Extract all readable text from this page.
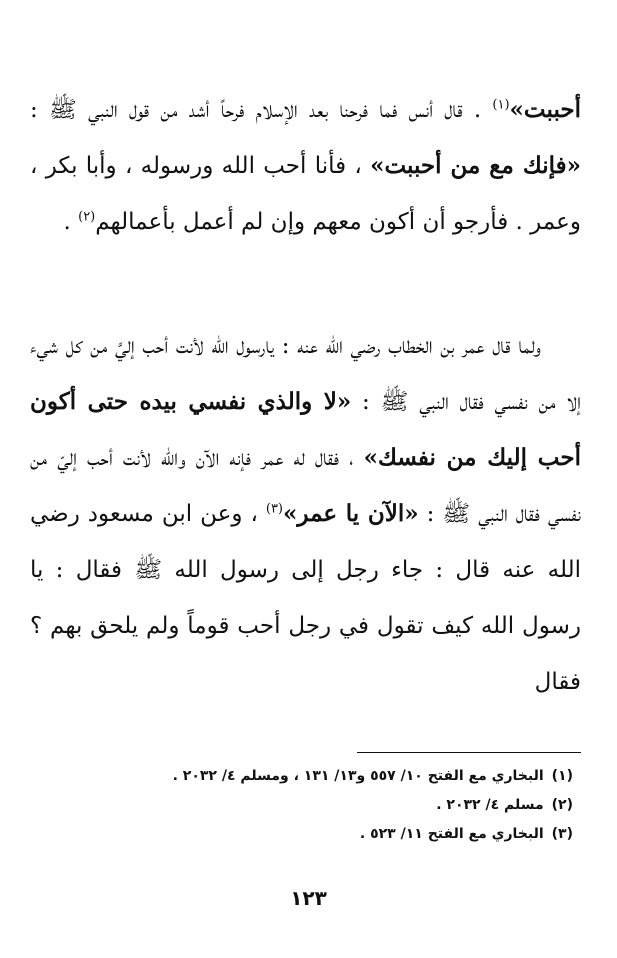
أحببت»$^{(١)}$ . قال أنس فما فرحنا بعد الإسلام فرحاً أشد من قول النبي ﷺ : «فإنك مع من أحببت» ، فأنا أحب الله ورسوله ، وأبا بكر ، وعمر . فأرجو أن أكون معهم وإن لم أعمل بأعمالهم$^{(٢)}$ .

ولما قال عمر بن الخطاب رضي الله عنه : يارسول الله لأنت أحب إليَّ من كل شيء إلا من نفسي فقال النبي ﷺ : «لا والذي نفسي بيده حتى أكون أحب إليك من نفسك» ، فقال له عمر فإنه الآن والله لأنت أحب إليّ من نفسي فقال النبي ﷺ : «الآن يا عمر»$^{(٣)}$ ، وعن ابن مسعود رضي الله عنه قال : جاء رجل إلى رسول الله ﷺ فقال : يا رسول الله كيف تقول في رجل أحب قوماً ولم يلحق بهم ؟ فقال

(١)البخاري مع الفتح ١٠/ ٥٥٧ و١٣/ ١٣١ ، ومسلم ٤/ ٢٠٣٢ .
(٢)مسلم ٤/ ٢٠٣٢ .
(٣)البخاري مع الفتح ١١/ ٥٢٣ .
١٢٣
